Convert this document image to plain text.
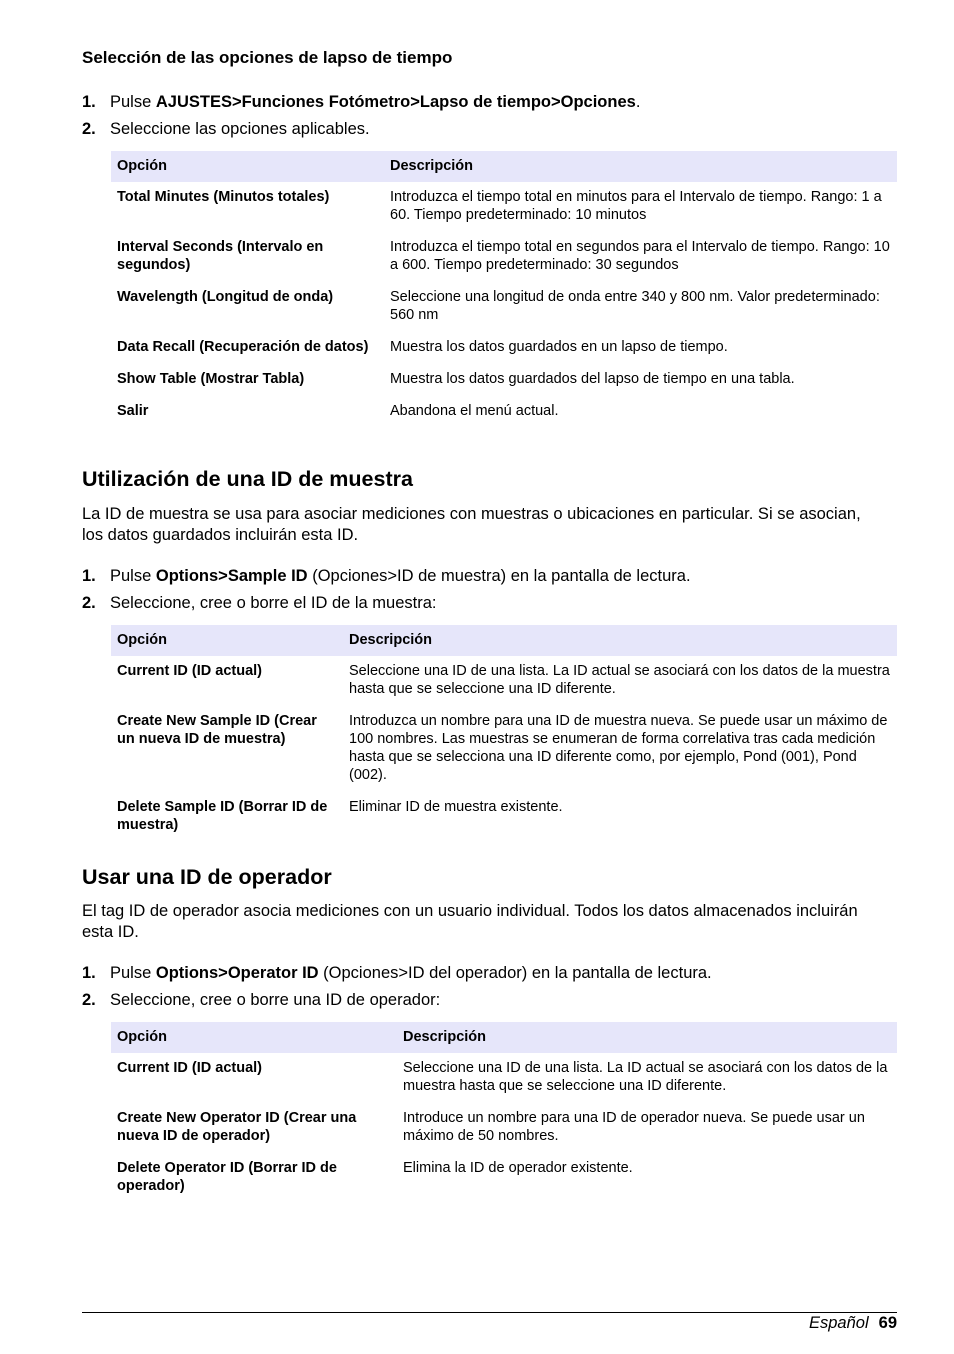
Selección de las opciones de lapso de tiempo
1. Pulse AJUSTES>Funciones Fotómetro>Lapso de tiempo>Opciones.
2. Seleccione las opciones aplicables.
Opción	Descripción
Total Minutes (Minutos totales)	Introduzca el tiempo total en minutos para el Intervalo de tiempo. Rango: 1 a 60. Tiempo predeterminado: 10 minutos
Interval Seconds (Intervalo en segundos)	Introduzca el tiempo total en segundos para el Intervalo de tiempo. Rango: 10 a 600. Tiempo predeterminado: 30 segundos
Wavelength (Longitud de onda)	Seleccione una longitud de onda entre 340 y 800 nm. Valor predeterminado: 560 nm
Data Recall (Recuperación de datos)	Muestra los datos guardados en un lapso de tiempo.
Show Table (Mostrar Tabla)	Muestra los datos guardados del lapso de tiempo en una tabla.
Salir	Abandona el menú actual.
Utilización de una ID de muestra
La ID de muestra se usa para asociar mediciones con muestras o ubicaciones en particular. Si se asocian, los datos guardados incluirán esta ID.
1. Pulse Options>Sample ID (Opciones>ID de muestra) en la pantalla de lectura.
2. Seleccione, cree o borre el ID de la muestra:
Opción	Descripción
Current ID (ID actual)	Seleccione una ID de una lista. La ID actual se asociará con los datos de la muestra hasta que se seleccione una ID diferente.
Create New Sample ID (Crear un nueva ID de muestra)	Introduzca un nombre para una ID de muestra nueva. Se puede usar un máximo de 100 nombres. Las muestras se enumeran de forma correlativa tras cada medición hasta que se selecciona una ID diferente como, por ejemplo, Pond (001), Pond (002).
Delete Sample ID (Borrar ID de muestra)	Eliminar ID de muestra existente.
Usar una ID de operador
El tag ID de operador asocia mediciones con un usuario individual. Todos los datos almacenados incluirán esta ID.
1. Pulse Options>Operator ID (Opciones>ID del operador) en la pantalla de lectura.
2. Seleccione, cree o borre una ID de operador:
Opción	Descripción
Current ID (ID actual)	Seleccione una ID de una lista. La ID actual se asociará con los datos de la muestra hasta que se seleccione una ID diferente.
Create New Operator ID (Crear una nueva ID de operador)	Introduce un nombre para una ID de operador nueva. Se puede usar un máximo de 50 nombres.
Delete Operator ID (Borrar ID de operador)	Elimina la ID de operador existente.
Español 69
